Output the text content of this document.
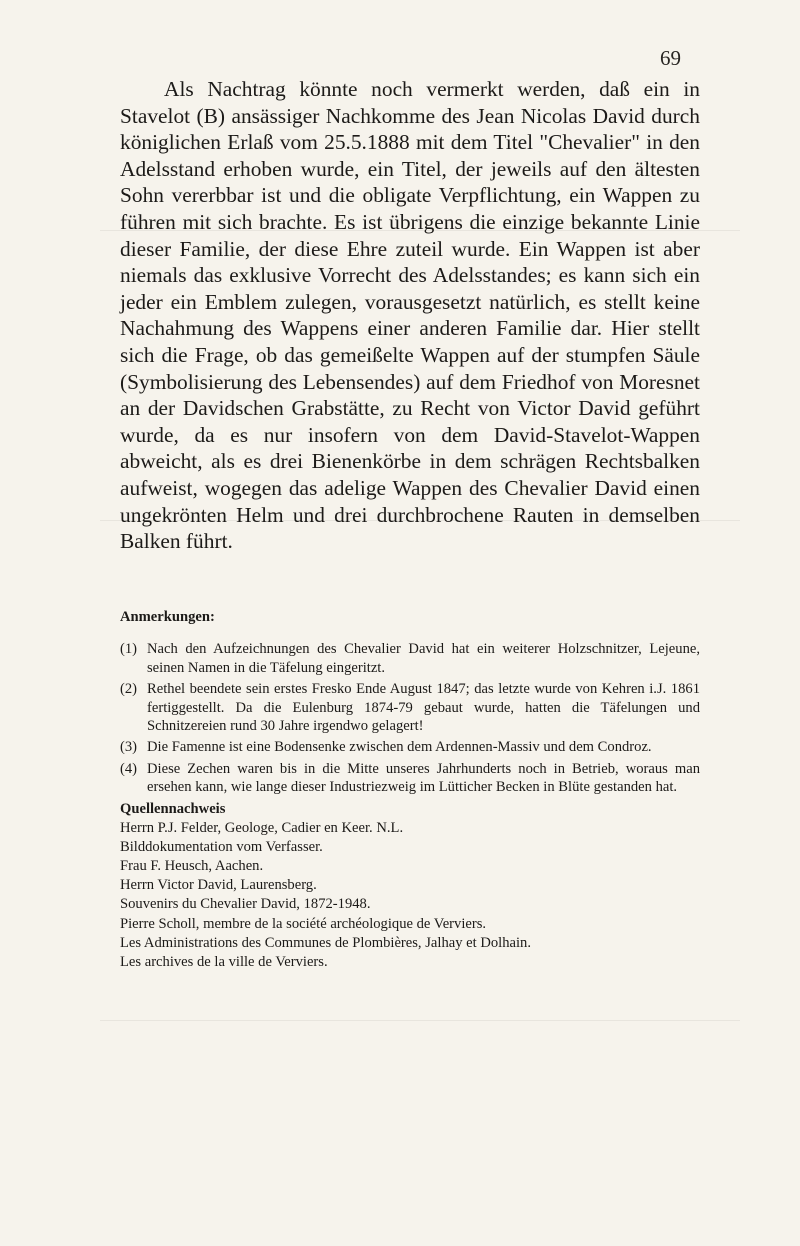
69

Als Nachtrag könnte noch vermerkt werden, daß ein in Stavelot (B) ansässiger Nachkomme des Jean Nicolas David durch königlichen Erlaß vom 25.5.1888 mit dem Titel "Chevalier" in den Adelsstand erhoben wurde, ein Titel, der jeweils auf den ältesten Sohn vererbbar ist und die obligate Verpflichtung, ein Wappen zu führen mit sich brachte. Es ist übrigens die einzige bekannte Linie dieser Familie, der diese Ehre zuteil wurde. Ein Wappen ist aber niemals das exklusive Vorrecht des Adelsstandes; es kann sich ein jeder ein Emblem zulegen, vorausgesetzt natürlich, es stellt keine Nachahmung des Wappens einer anderen Familie dar. Hier stellt sich die Frage, ob das gemeißelte Wappen auf der stumpfen Säule (Symbolisierung des Lebensendes) auf dem Friedhof von Moresnet an der Davidschen Grabstätte, zu Recht von Victor David geführt wurde, da es nur insofern von dem David-Stavelot-Wappen abweicht, als es drei Bienenkörbe in dem schrägen Rechtsbalken aufweist, wogegen das adelige Wappen des Chevalier David einen ungekrönten Helm und drei durchbrochene Rauten in demselben Balken führt.

Anmerkungen:

(1) Nach den Aufzeichnungen des Chevalier David hat ein weiterer Holzschnitzer, Lejeune, seinen Namen in die Täfelung eingeritzt.
(2) Rethel beendete sein erstes Fresko Ende August 1847; das letzte wurde von Kehren i.J. 1861 fertiggestellt. Da die Eulenburg 1874-79 gebaut wurde, hatten die Täfelungen und Schnitzereien rund 30 Jahre irgendwo gelagert!
(3) Die Famenne ist eine Bodensenke zwischen dem Ardennen-Massiv und dem Condroz.
(4) Diese Zechen waren bis in die Mitte unseres Jahrhunderts noch in Betrieb, woraus man ersehen kann, wie lange dieser Industriezweig im Lütticher Becken in Blüte gestanden hat.

Quellennachweis

Herrn P.J. Felder, Geologe, Cadier en Keer. N.L.
Bilddokumentation vom Verfasser.
Frau F. Heusch, Aachen.
Herrn Victor David, Laurensberg.
Souvenirs du Chevalier David, 1872-1948.
Pierre Scholl, membre de la société archéologique de Verviers.
Les Administrations des Communes de Plombières, Jalhay et Dolhain.
Les archives de la ville de Verviers.
